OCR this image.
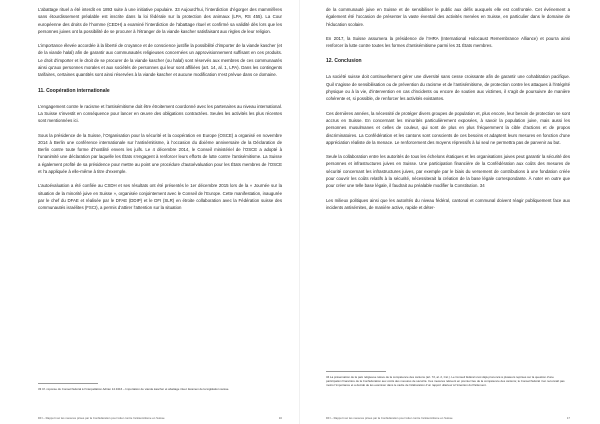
L’abattage rituel a été interdit en 1893 suite à une initiative populaire. 33 Aujourd’hui, l’interdiction d’égorger des mammifères sans étourdissement préalable est inscrite dans la loi fédérale sur la protection des animaux (LPA, RS 455). La Cour européenne des droits de l’homme (CEDH) a examiné l’interdiction de l’abattage rituel et confirmé sa validité dès lors que les personnes juives ont la possibilité de se procurer à l’étranger de la viande kascher satisfaisant aux règles de leur religion.

L’importance élevée accordée à la liberté de croyance et de conscience justifie la possibilité d’importer de la viande kascher (et de la viande halal) afin de garantir aux communautés religieuses concernées un approvisionnement suffisant en ces produits. Le droit d’importer et le droit de se procurer de la viande kascher (ou halal) sont réservés aux membres de ces communautés ainsi qu’aux personnes morales et aux sociétés de personnes qui leur sont affiliées (art. 14, al. 1, LPA). Dans les contingents tarifaires, certaines quantités sont ainsi réservées à la viande kascher et aucune modification n’est prévue dans ce domaine.

11. Coopération internationale

L’engagement contre le racisme et l’antisémitisme doit être étroitement coordonné avec les partenaires au niveau international. La Suisse s’investit en conséquence pour lancer en œuvre des obligations contractées. Seules les activités les plus récentes sont mentionnées ici.

Sous la présidence de la Suisse, l’Organisation pour la sécurité et la coopération en Europe (OSCE) a organisé en novembre 2014 à Berlin une conférence internationale sur l’antisémitisme, à l’occasion du dixième anniversaire de la Déclaration de Berlin contre toute forme d’hostilité envers les juifs. Le 4 décembre 2014, le Conseil ministériel de l’OSCE a adopté à l’unanimité une déclaration par laquelle les États s’engagent à renforcer leurs efforts de lutte contre l’antisémitisme. La Suisse a également profité de sa présidence pour mettre au point une procédure d’autoévaluation pour les États membres de l’OSCE et l’a appliquée à elle-même à titre d’exemple.

L’autoévaluation a été confiée au CSDH et ses résultats ont été présentés le 1er décembre 2015 lors de la « Journée sur la situation de la minorité juive en Suisse », organisée conjointement avec le Conseil de l’Europe. Cette manifestation, inaugurée par le chef du DFAE et réalisée par le DFAE (DDIP) et le DFI (SLR) en étroite collaboration avec la Fédération suisse des communautés israélites (FSCI), a permis d’attirer l’attention sur la situation

33 Cf. réponse du Conseil fédéral à l’interpellation Adrian 14.3416 – Importation de viande kascher et abattage rituel. Examen de la législation suisse.

DFI – Rapport sur les mesures prises par la Confédération pour lutter contre l’antisémitisme en Suisse	16

de la communauté juive en Suisse et de sensibiliser le public aux défis auxquels elle est confrontée. Cet événement a également été l’occasion de présenter la vaste éventail des activités menées en Suisse, en particulier dans le domaine de l’éducation scolaire.

En 2017, la Suisse assumera la présidence de l’IHRA (International Holocaust Remembrance Alliance) et pourra ainsi renforcer la lutte contre toutes les formes d’antisémitisme parmi les 31 États membres.

12. Conclusion

La société suisse doit continuellement gérer une diversité sans cesse croissante afin de garantir une cohabitation pacifique. Quil s’agisse de sensibilisation ou de prévention du racisme et de l’antisémitisme, de protection contre les attaques à l’intégrité physique ou à la vie, d’intervention en cas d’incidents ou encore de soutien aux victimes, il s’agit de poursuivre de manière cohérente et, si possible, de renforcer les activités existantes.

Ces dernières années, la nécessité de protéger divers groupes de population et, plus encore, leur besoin de protection se sont accrus en Suisse. En concernant les minorités particulièrement exposées, à savoir la population juive, mais aussi les personnes musulmanes et celles de couleur, qui sont de plus en plus fréquemment la cible d’actions et de propos discriminatoires. La Confédération et les cantons sont conscients de ces besoins et adaptent leurs mesures en fonction d’une appréciation réaliste de la menace. Le renforcement des moyens répressifs à lui seul ne permettra pas de parvenir au but.

Seule la collaboration entre les autorités de tous les échelons étatiques et les organisations juives peut garantir la sécurité des personnes et infrastructures juives en Suisse. Une participation financière de la Confédération aux coûts des mesures de sécurité concernant les infrastructures juives, par exemple par le biais du versement de contributions à une fondation créée pour couvrir les coûts relatifs à la sécurité, nécessiterait la création de la base légale correspondante. À noter en outre que pour créer une telle base légale, il faudrait au préalable modifier la Constitution. 34

Les milieux politiques ainsi que les autorités du niveau fédéral, cantonal et communal doivent réagir publiquement face aux incidents antisémites, de manière active, rapide et déter-

34 La préservation de la paix religieuse relève de la compétence des cantons (art. 72, al. 2, Cst.). Le Conseil fédéral s’est déjà prononcé à plusieurs reprises sur la question d’une participation financière de la Confédération aux coûts des mesures de sécurité. Ces mesures relèvent en premier lieu de la compétence des cantons; le Conseil fédéral n’en reconnaît pas moins l’importance et a décidé de les examiner dans le cadre de l’élaboration d’un rapport ultérieur à l’intention du Parlement.

DFI – Rapport sur les mesures prises par la Confédération pour lutter contre l’antisémitisme en Suisse	17
